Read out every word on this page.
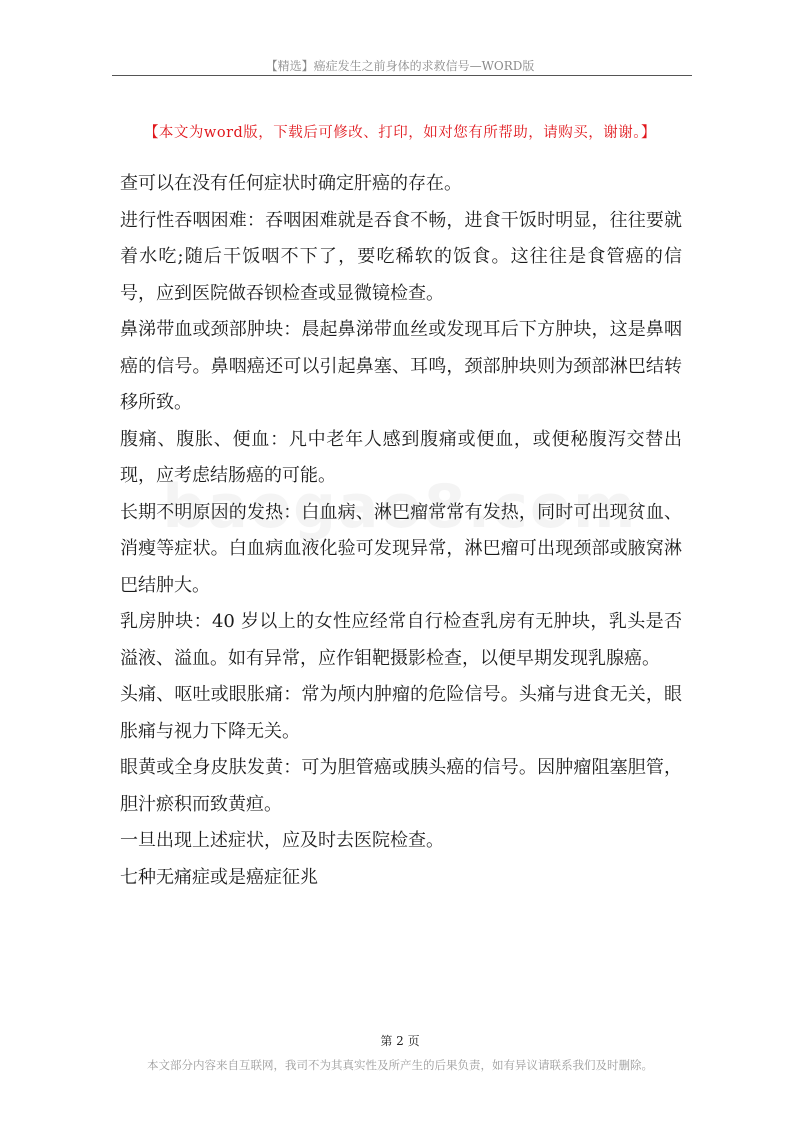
【精选】癌症发生之前身体的求救信号—WORD版
【本文为word版，下载后可修改、打印，如对您有所帮助，请购买，谢谢。】

查可以在没有任何症状时确定肝癌的存在。

进行性吞咽困难：吞咽困难就是吞食不畅，进食干饭时明显，往往要就着水吃;随后干饭咽不下了，要吃稀软的饭食。这往往是食管癌的信号，应到医院做吞钡检查或显微镜检查。

鼻涕带血或颈部肿块：晨起鼻涕带血丝或发现耳后下方肿块，这是鼻咽癌的信号。鼻咽癌还可以引起鼻塞、耳鸣，颈部肿块则为颈部淋巴结转移所致。

腹痛、腹胀、便血：凡中老年人感到腹痛或便血，或便秘腹泻交替出现，应考虑结肠癌的可能。

长期不明原因的发热：白血病、淋巴瘤常常有发热，同时可出现贫血、消瘦等症状。白血病血液化验可发现异常，淋巴瘤可出现颈部或腋窝淋巴结肿大。

乳房肿块：40 岁以上的女性应经常自行检查乳房有无肿块，乳头是否溢液、溢血。如有异常，应作钼靶摄影检查，以便早期发现乳腺癌。

头痛、呕吐或眼胀痛：常为颅内肿瘤的危险信号。头痛与进食无关，眼胀痛与视力下降无关。

眼黄或全身皮肤发黄：可为胆管癌或胰头癌的信号。因肿瘤阻塞胆管，胆汁瘀积而致黄疸。

一旦出现上述症状，应及时去医院检查。

七种无痛症或是癌症征兆

第 2 页
本文部分内容来自互联网，我司不为其真实性及所产生的后果负责，如有异议请联系我们及时删除。
